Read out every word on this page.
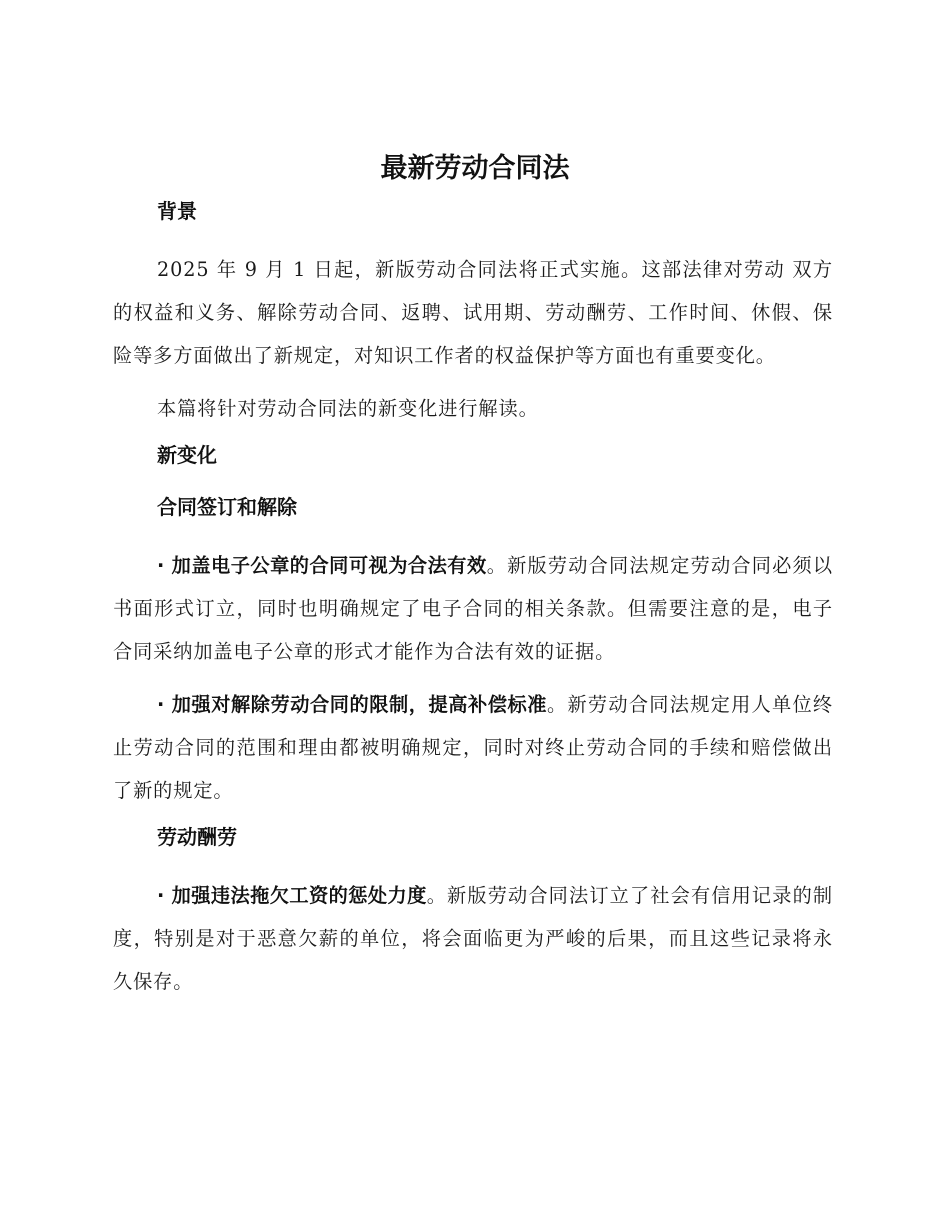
最新劳动合同法
背景

2025 年 9 月 1 日起，新版劳动合同法将正式实施。这部法律对劳动 双方的权益和义务、解除劳动合同、返聘、试用期、劳动酬劳、工作时间、休假、保险等多方面做出了新规定，对知识工作者的权益保护等方面也有重要变化。

本篇将针对劳动合同法的新变化进行解读。

新变化
合同签订和解除

· 加盖电子公章的合同可视为合法有效。新版劳动合同法规定劳动合同必须以书面形式订立，同时也明确规定了电子合同的相关条款。但需要注意的是，电子合同采纳加盖电子公章的形式才能作为合法有效的证据。

· 加强对解除劳动合同的限制，提高补偿标准。新劳动合同法规定用人单位终止劳动合同的范围和理由都被明确规定，同时对终止劳动合同的手续和赔偿做出了新的规定。

劳动酬劳

· 加强违法拖欠工资的惩处力度。新版劳动合同法订立了社会有信用记录的制度，特别是对于恶意欠薪的单位，将会面临更为严峻的后果，而且这些记录将永久保存。
